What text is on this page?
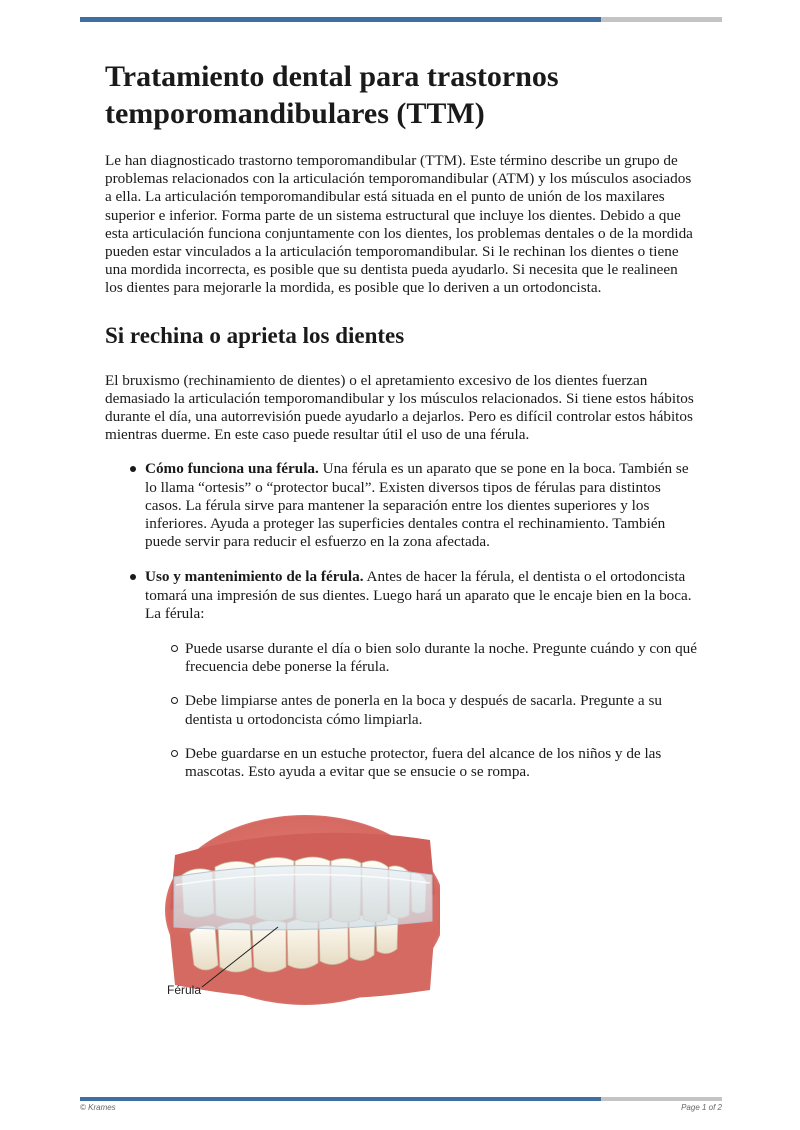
Tratamiento dental para trastornos temporomandibulares (TTM)

Le han diagnosticado trastorno temporomandibular (TTM). Este término describe un grupo de problemas relacionados con la articulación temporomandibular (ATM) y los músculos asociados a ella. La articulación temporomandibular está situada en el punto de unión de los maxilares superior e inferior. Forma parte de un sistema estructural que incluye los dientes. Debido a que esta articulación funciona conjuntamente con los dientes, los problemas dentales o de la mordida pueden estar vinculados a la articulación temporomandibular. Si le rechinan los dientes o tiene una mordida incorrecta, es posible que su dentista pueda ayudarlo. Si necesita que le realineen los dientes para mejorarle la mordida, es posible que lo deriven a un ortodoncista.

Si rechina o aprieta los dientes

El bruxismo (rechinamiento de dientes) o el apretamiento excesivo de los dientes fuerzan demasiado la articulación temporomandibular y los músculos relacionados. Si tiene estos hábitos durante el día, una autorrevisión puede ayudarlo a dejarlos. Pero es difícil controlar estos hábitos mientras duerme. En este caso puede resultar útil el uso de una férula.

Cómo funciona una férula. Una férula es un aparato que se pone en la boca. También se lo llama “ortesis” o “protector bucal”. Existen diversos tipos de férulas para distintos casos. La férula sirve para mantener la separación entre los dientes superiores y los inferiores. Ayuda a proteger las superficies dentales contra el rechinamiento. También puede servir para reducir el esfuerzo en la zona afectada.
Uso y mantenimiento de la férula. Antes de hacer la férula, el dentista o el ortodoncista tomará una impresión de sus dientes. Luego hará un aparato que le encaje bien en la boca. La férula:
Puede usarse durante el día o bien solo durante la noche. Pregunte cuándo y con qué frecuencia debe ponerse la férula.
Debe limpiarse antes de ponerla en la boca y después de sacarla. Pregunte a su dentista u ortodoncista cómo limpiarla.
Debe guardarse en un estuche protector, fuera del alcance de los niños y de las mascotas. Esto ayuda a evitar que se ensucie o se rompa.
Férula
© Krames	Page 1 of 2
